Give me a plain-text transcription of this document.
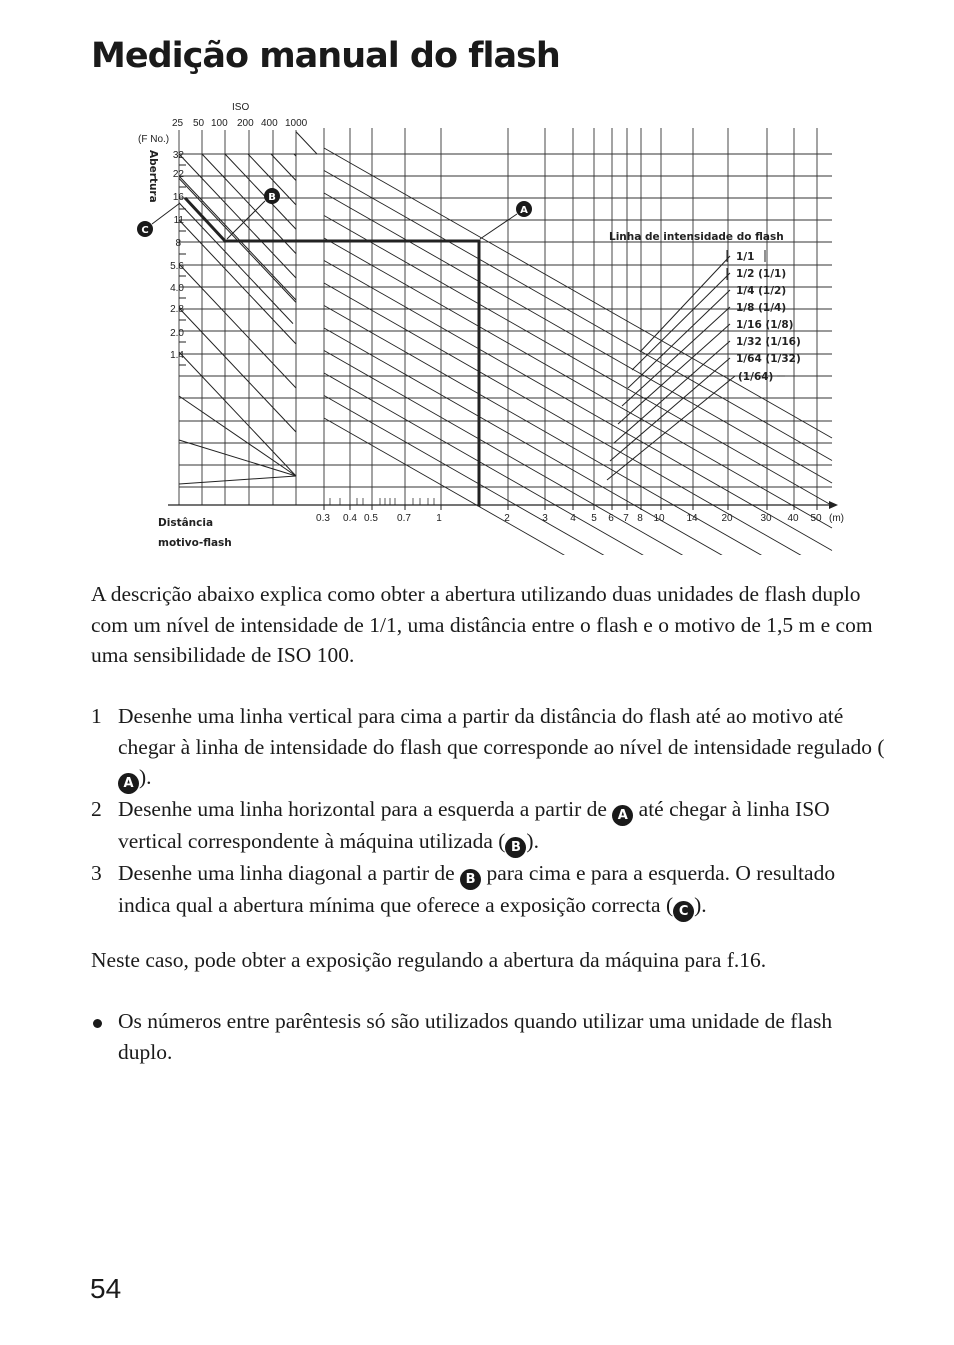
Medição manual do flash
ISO
25 50 100 200 400 1000
(F No.)
Abertura 32
22
16
11
8
5.6
4.0
2.8
2.0
1.4
Distância
motivo-flash
0.3 0.4 0.5 0.7	1	2	3 4 5 6 7 8 10 14 20	30 40 50 (m)
Linha de intensidade do flash
1/1
1/2 (1/1)
1/4 (1/2)
1/8 (1/4)
1/16 (1/8)
1/32 (1/16)
1/64 (1/32)
(1/64)
A
B
C

A descrição abaixo explica como obter a abertura utilizando duas unidades de flash duplo com um nível de intensidade de 1/1, uma distância entre o flash e o motivo de 1,5 m e com uma sensibilidade de ISO 100.

1 Desenhe uma linha vertical para cima a partir da distância do flash até ao motivo até chegar à linha de intensidade do flash que corresponde ao nível de intensidade regulado (A ).
2 Desenhe uma linha horizontal para a esquerda a partir de A até chegar à linha ISO vertical correspondente à máquina utilizada ( B ).
3 Desenhe uma linha diagonal a partir de B para cima e para a esquerda. O resultado indica qual a abertura mínima que oferece a exposição correcta ( C ).

Neste caso, pode obter a exposição regulando a abertura da máquina para f.16.

Os números entre parêntesis só são utilizados quando utilizar uma unidade de flash duplo.

54
